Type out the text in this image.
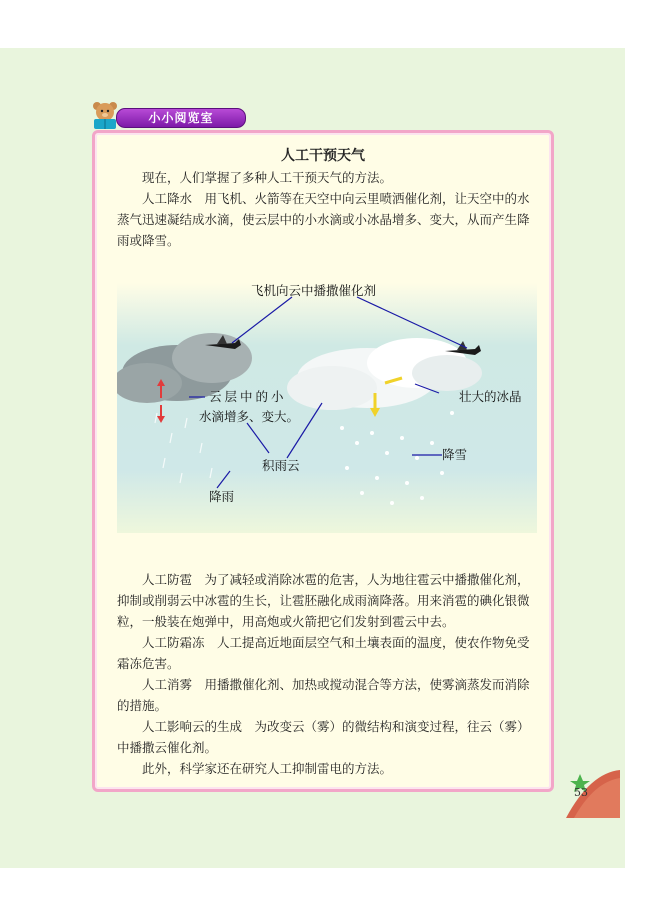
小小阅览室
人工干预天气

现在，人们掌握了多种人工干预天气的方法。

人工降水　用飞机、火箭等在天空中向云里喷洒催化剂，让天空中的水蒸气迅速凝结成水滴，使云层中的小水滴或小冰晶增多、变大，从而产生降雨或降雪。

飞机向云中播撒催化剂
云层中的小
水滴增多、变大。
壮大的冰晶
积雨云
降雪
降雨

人工防雹　为了减轻或消除冰雹的危害，人为地往雹云中播撒催化剂，抑制或削弱云中冰雹的生长，让雹胚融化成雨滴降落。用来消雹的碘化银微粒，一般装在炮弹中，用高炮或火箭把它们发射到雹云中去。

人工防霜冻　人工提高近地面层空气和土壤表面的温度，使农作物免受霜冻危害。

人工消雾　用播撒催化剂、加热或搅动混合等方法，使雾滴蒸发而消除的措施。

人工影响云的生成　为改变云（雾）的微结构和演变过程，往云（雾）中播撒云催化剂。

此外，科学家还在研究人工抑制雷电的方法。

53
